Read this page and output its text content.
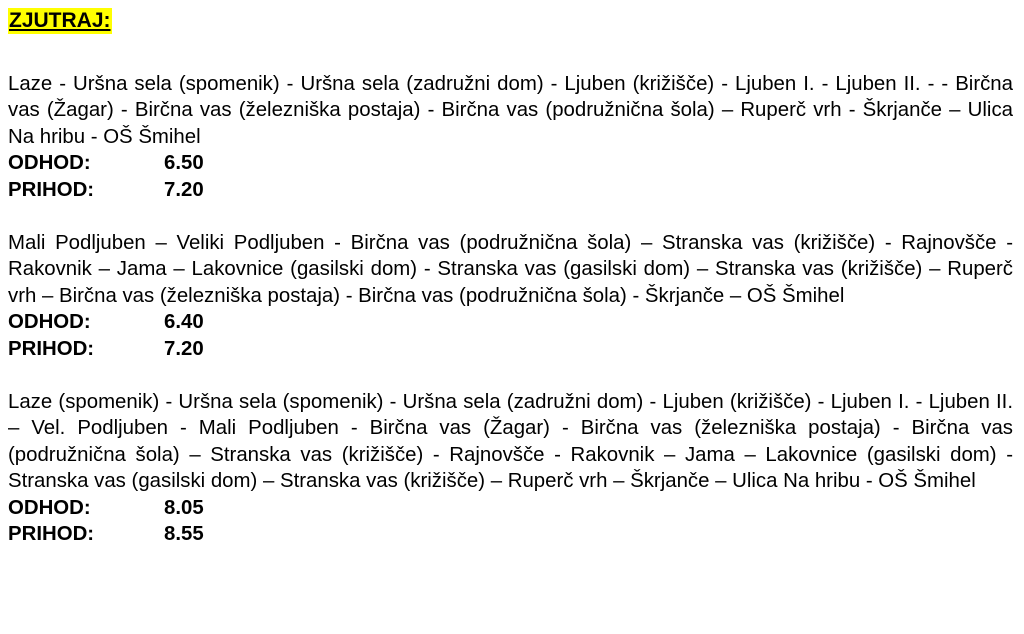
ZJUTRAJ:

Laze - Uršna sela (spomenik) - Uršna sela (zadružni dom) - Ljuben (križišče) - Ljuben I. - Ljuben II. - - Birčna vas (Žagar) - Birčna vas (železniška postaja) - Birčna vas (podružnična šola) – Ruperč vrh - Škrjanče – Ulica Na hribu - OŠ Šmihel

ODHOD:	6.50
PRIHOD:	7.20

Mali Podljuben – Veliki Podljuben - Birčna vas (podružnična šola) – Stranska vas (križišče) - Rajnovšče - Rakovnik – Jama – Lakovnice (gasilski dom) - Stranska vas (gasilski dom) – Stranska vas (križišče) – Ruperč vrh – Birčna vas (železniška postaja) - Birčna vas (podružnična šola) - Škrjanče – OŠ Šmihel

ODHOD:	6.40
PRIHOD:	7.20

Laze (spomenik) - Uršna sela (spomenik) - Uršna sela (zadružni dom) - Ljuben (križišče) - Ljuben I. - Ljuben II. – Vel. Podljuben - Mali Podljuben - Birčna vas (Žagar) - Birčna vas (železniška postaja) - Birčna vas (podružnična šola) – Stranska vas (križišče) - Rajnovšče - Rakovnik – Jama – Lakovnice (gasilski dom) - Stranska vas (gasilski dom) – Stranska vas (križišče) – Ruperč vrh – Škrjanče – Ulica Na hribu - OŠ Šmihel

ODHOD:	8.05
PRIHOD:	8.55
